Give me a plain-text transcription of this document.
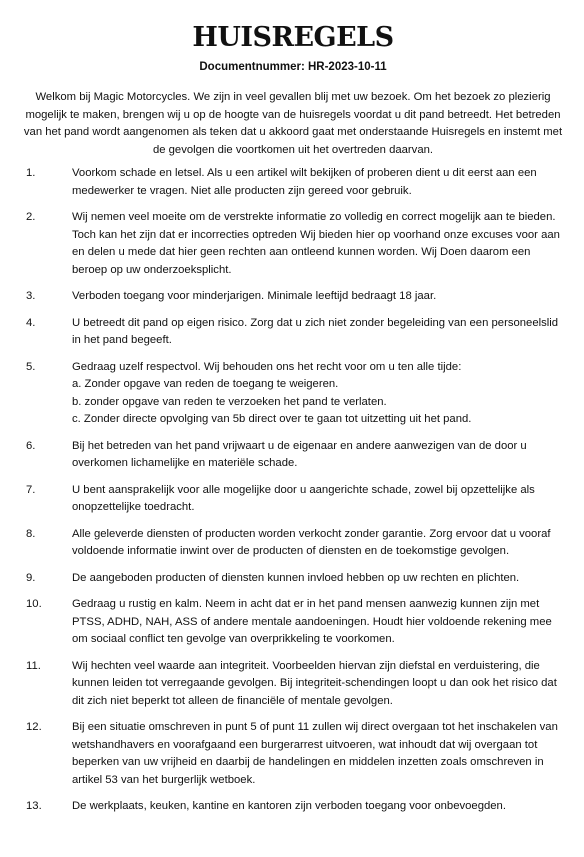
HUISREGELS
Documentnummer: HR-2023-10-11

Welkom bij Magic Motorcycles. We zijn in veel gevallen blij met uw bezoek. Om het bezoek zo plezierig mogelijk te maken, brengen wij u op de hoogte van de huisregels voordat u dit pand betreedt. Het betreden van het pand wordt aangenomen als teken dat u akkoord gaat met onderstaande Huisregels en instemt met de gevolgen die voortkomen uit het overtreden daarvan.

1.	Voorkom schade en letsel. Als u een artikel wilt bekijken of proberen dient u dit eerst aan een medewerker te vragen. Niet alle producten zijn gereed voor gebruik.
2.	Wij nemen veel moeite om de verstrekte informatie zo volledig en correct mogelijk aan te bieden. Toch kan het zijn dat er incorrecties optreden Wij bieden hier op voorhand onze excuses voor aan en delen u mede dat hier geen rechten aan ontleend kunnen worden. Wij Doen daarom een beroep op uw onderzoeksplicht.
3.	Verboden toegang voor minderjarigen. Minimale leeftijd bedraagt 18 jaar.
4.	U betreedt dit pand op eigen risico. Zorg dat u zich niet zonder begeleiding van een personeelslid in het pand begeeft.
5.	Gedraag uzelf respectvol. Wij behouden ons het recht voor om u ten alle tijde:
a. Zonder opgave van reden de toegang te weigeren.
b. zonder opgave van reden te verzoeken het pand te verlaten.
c. Zonder directe opvolging van 5b direct over te gaan tot uitzetting uit het pand.
6.	Bij het betreden van het pand vrijwaart u de eigenaar en andere aanwezigen van de door u overkomen lichamelijke en materiële schade.
7.	U bent aansprakelijk voor alle mogelijke door u aangerichte schade, zowel bij opzettelijke als onopzettelijke toedracht.
8.	Alle geleverde diensten of producten worden verkocht zonder garantie. Zorg ervoor dat u vooraf voldoende informatie inwint over de producten of diensten en de toekomstige gevolgen.
9.	De aangeboden producten of diensten kunnen invloed hebben op uw rechten en plichten.
10.	Gedraag u rustig en kalm. Neem in acht dat er in het pand mensen aanwezig kunnen zijn met PTSS, ADHD, NAH, ASS of andere mentale aandoeningen. Houdt hier voldoende rekening mee om sociaal conflict ten gevolge van overprikkeling te voorkomen.
11.	Wij hechten veel waarde aan integriteit. Voorbeelden hiervan zijn diefstal en verduistering, die kunnen leiden tot verregaande gevolgen. Bij integriteit-schendingen loopt u dan ook het risico dat dit zich niet beperkt tot alleen de financiële of mentale gevolgen.
12.	Bij een situatie omschreven in punt 5 of punt 11 zullen wij direct overgaan tot het inschakelen van wetshandhavers en voorafgaand een burgerarrest uitvoeren, wat inhoudt dat wij overgaan tot beperken van uw vrijheid en daarbij de handelingen en middelen inzetten zoals omschreven in artikel 53 van het burgerlijk wetboek.
13.	De werkplaats, keuken, kantine en kantoren zijn verboden toegang voor onbevoegden.
